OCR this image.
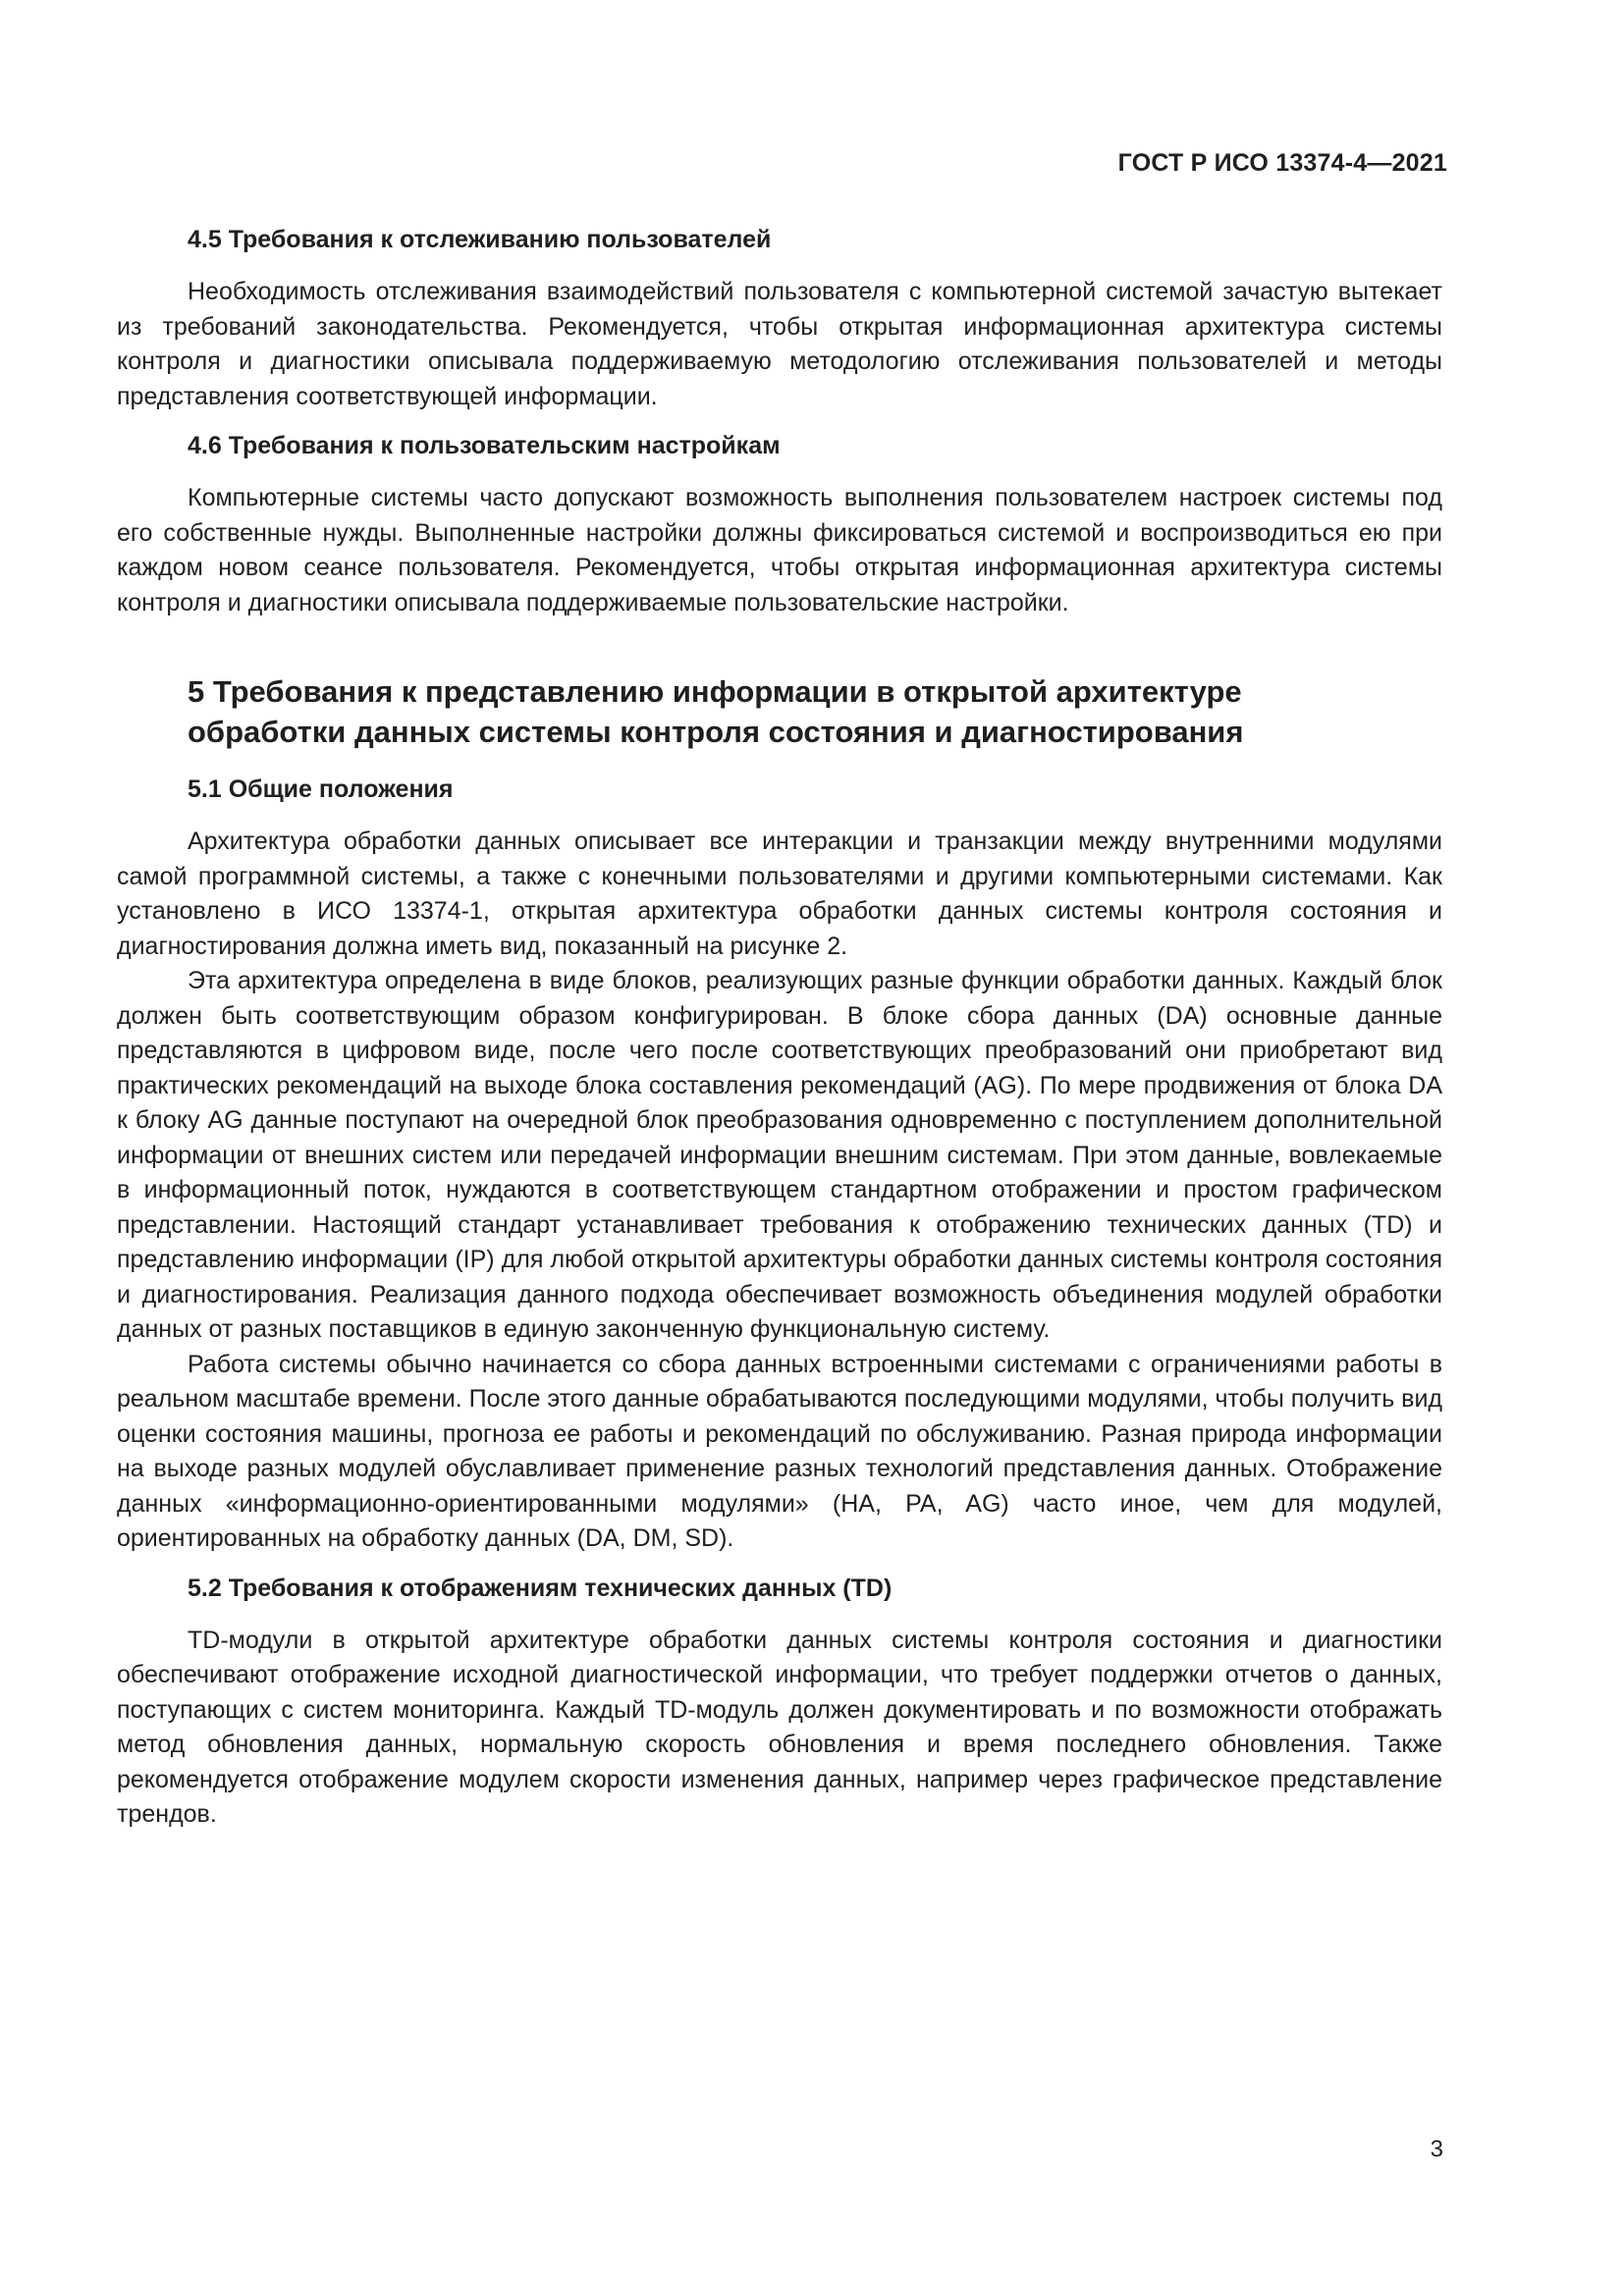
ГОСТ Р ИСО 13374-4—2021
4.5 Требования к отслеживанию пользователей

Необходимость отслеживания взаимодействий пользователя с компьютерной системой зачастую вытекает из требований законодательства. Рекомендуется, чтобы открытая информационная архитектура системы контроля и диагностики описывала поддерживаемую методологию отслеживания пользователей и методы представления соответствующей информации.

4.6 Требования к пользовательским настройкам

Компьютерные системы часто допускают возможность выполнения пользователем настроек системы под его собственные нужды. Выполненные настройки должны фиксироваться системой и воспроизводиться ею при каждом новом сеансе пользователя. Рекомендуется, чтобы открытая информационная архитектура системы контроля и диагностики описывала поддерживаемые пользовательские настройки.

5 Требования к представлению информации в открытой архитектуре
обработки данных системы контроля состояния и диагностирования
5.1 Общие положения

Архитектура обработки данных описывает все интеракции и транзакции между внутренними модулями самой программной системы, а также с конечными пользователями и другими компьютерными системами. Как установлено в ИСО 13374-1, открытая архитектура обработки данных системы контроля состояния и диагностирования должна иметь вид, показанный на рисунке 2.

Эта архитектура определена в виде блоков, реализующих разные функции обработки данных. Каждый блок должен быть соответствующим образом конфигурирован. В блоке сбора данных (DA) основные данные представляются в цифровом виде, после чего после соответствующих преобразований они приобретают вид практических рекомендаций на выходе блока составления рекомендаций (AG). По мере продвижения от блока DA к блоку AG данные поступают на очередной блок преобразования одновременно с поступлением дополнительной информации от внешних систем или передачей информации внешним системам. При этом данные, вовлекаемые в информационный поток, нуждаются в соответствующем стандартном отображении и простом графическом представлении. Настоящий стандарт устанавливает требования к отображению технических данных (TD) и представлению информации (IP) для любой открытой архитектуры обработки данных системы контроля состояния и диагностирования. Реализация данного подхода обеспечивает возможность объединения модулей обработки данных от разных поставщиков в единую законченную функциональную систему.

Работа системы обычно начинается со сбора данных встроенными системами с ограничениями работы в реальном масштабе времени. После этого данные обрабатываются последующими модулями, чтобы получить вид оценки состояния машины, прогноза ее работы и рекомендаций по обслуживанию. Разная природа информации на выходе разных модулей обуславливает применение разных технологий представления данных. Отображение данных «информационно-ориентированными модулями» (HA, PA, AG) часто иное, чем для модулей, ориентированных на обработку данных (DA, DM, SD).

5.2 Требования к отображениям технических данных (TD)

TD-модули в открытой архитектуре обработки данных системы контроля состояния и диагностики обеспечивают отображение исходной диагностической информации, что требует поддержки отчетов о данных, поступающих с систем мониторинга. Каждый TD-модуль должен документировать и по возможности отображать метод обновления данных, нормальную скорость обновления и время последнего обновления. Также рекомендуется отображение модулем скорости изменения данных, например через графическое представление трендов.

3
